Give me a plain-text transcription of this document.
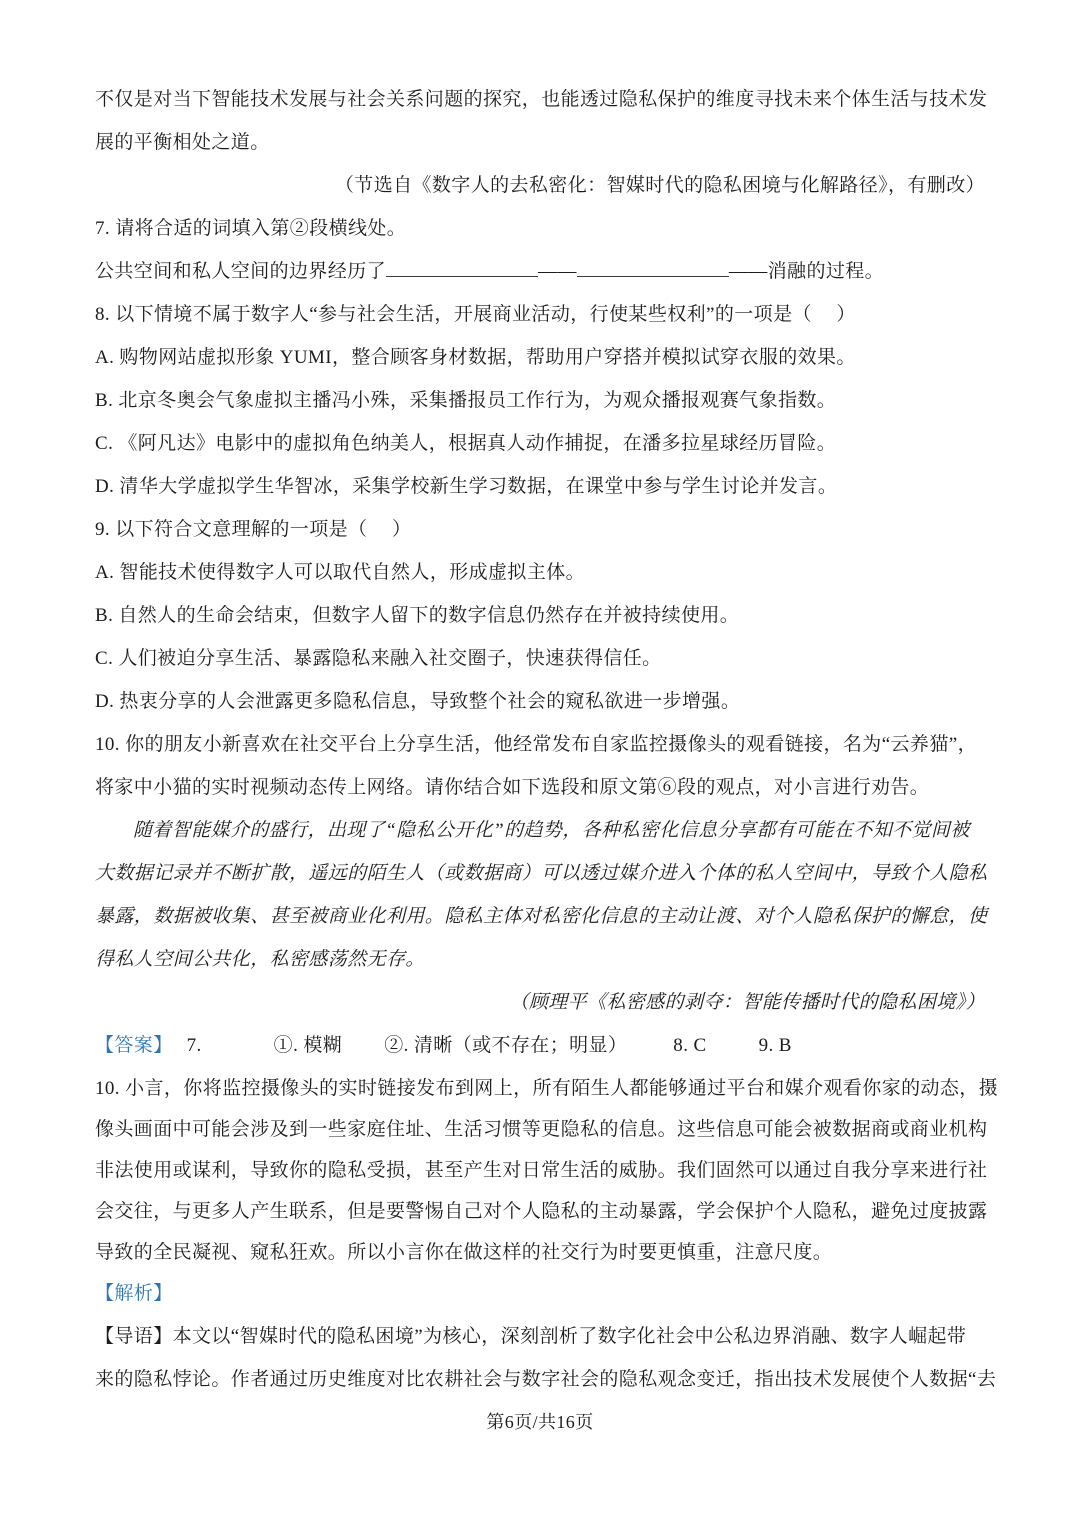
不仅是对当下智能技术发展与社会关系问题的探究，也能透过隐私保护的维度寻找未来个体生活与技术发
展的平衡相处之道。
（节选自《数字人的去私密化：智媒时代的隐私困境与化解路径》，有删改）
7. 请将合适的词填入第②段横线处。
公共空间和私人空间的边界经历了	——	——消融的过程。
8. 以下情境不属于数字人“参与社会生活，开展商业活动，行使某些权利”的一项是（　 ）
A. 购物网站虚拟形象 YUMI，整合顾客身材数据，帮助用户穿搭并模拟试穿衣服的效果。
B. 北京冬奥会气象虚拟主播冯小殊，采集播报员工作行为，为观众播报观赛气象指数。
C. 《阿凡达》电影中的虚拟角色纳美人，根据真人动作捕捉，在潘多拉星球经历冒险。
D. 清华大学虚拟学生华智冰，采集学校新生学习数据，在课堂中参与学生讨论并发言。
9. 以下符合文意理解的一项是（　 ）
A. 智能技术使得数字人可以取代自然人，形成虚拟主体。
B. 自然人的生命会结束，但数字人留下的数字信息仍然存在并被持续使用。
C. 人们被迫分享生活、暴露隐私来融入社交圈子，快速获得信任。
D. 热衷分享的人会泄露更多隐私信息，导致整个社会的窥私欲进一步增强。
10. 你的朋友小新喜欢在社交平台上分享生活，他经常发布自家监控摄像头的观看链接，名为“云养猫”，
将家中小猫的实时视频动态传上网络。请你结合如下选段和原文第⑥段的观点，对小言进行劝告。
随着智能媒介的盛行，出现了“隐私公开化”的趋势，各种私密化信息分享都有可能在不知不觉间被
大数据记录并不断扩散，遥远的陌生人（或数据商）可以透过媒介进入个体的私人空间中，导致个人隐私
暴露，数据被收集、甚至被商业化利用。隐私主体对私密化信息的主动让渡、对个人隐私保护的懈怠，使
得私人空间公共化，私密感荡然无存。
（顾理平《私密感的剥夺：智能传播时代的隐私困境》）
【答案】 7.	①. 模糊 ②. 清晰（或不存在；明显） 8. C	9. B
10. 小言，你将监控摄像头的实时链接发布到网上，所有陌生人都能够通过平台和媒介观看你家的动态，摄
像头画面中可能会涉及到一些家庭住址、生活习惯等更隐私的信息。这些信息可能会被数据商或商业机构
非法使用或谋利，导致你的隐私受损，甚至产生对日常生活的威胁。我们固然可以通过自我分享来进行社
会交往，与更多人产生联系，但是要警惕自己对个人隐私的主动暴露，学会保护个人隐私，避免过度披露
导致的全民凝视、窥私狂欢。所以小言你在做这样的社交行为时要更慎重，注意尺度。
【解析】
【导语】本文以“智媒时代的隐私困境”为核心，深刻剖析了数字化社会中公私边界消融、数字人崛起带
来的隐私悖论。作者通过历史维度对比农耕社会与数字社会的隐私观念变迁，指出技术发展使个人数据“去
第6页/共16页
